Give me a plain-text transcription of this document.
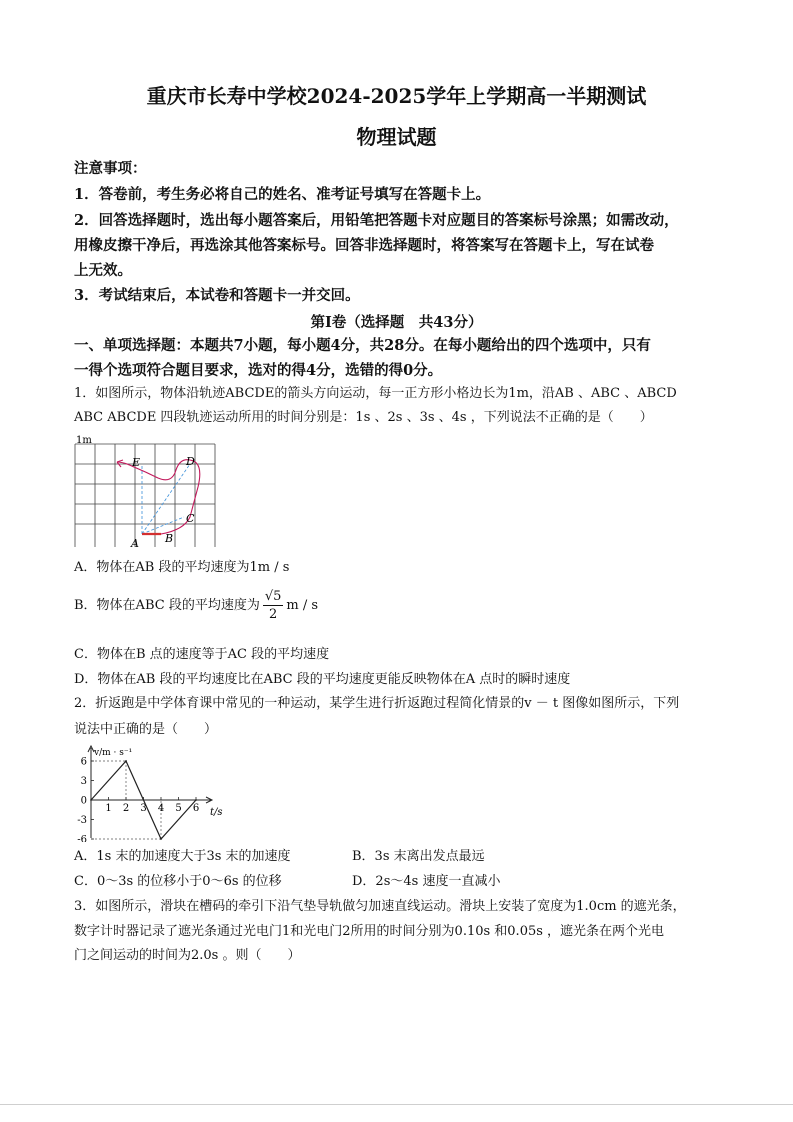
重庆市长寿中学校2024-2025学年上学期高一半期测试
物理试题
注意事项：
1．答卷前，考生务必将自己的姓名、准考证号填写在答题卡上。
2．回答选择题时，选出每小题答案后，用铅笔把答题卡对应题目的答案标号涂黑；如需改动，
用橡皮擦干净后，再选涂其他答案标号。回答非选择题时，将答案写在答题卡上，写在试卷
上无效。
3．考试结束后，本试卷和答题卡一并交回。
第I卷（选择题　共43分）
一、单项选择题：本题共7小题，每小题4分，共28分。在每小题给出的四个选项中，只有
一得个选项符合题目要求，选对的得4分，选错的得0分。
1．如图所示，物体沿轨迹ABCDE的箭头方向运动，每一正方形小格边长为1m，沿AB 、ABC 、ABCD
ABC ABCDE 四段轨迹运动所用的时间分别是：1s 、2s 、3s 、4s ，下列说法不正确的是（　　）
1m
A B
C
D
E
A．物体在AB 段的平均速度为1m / s
B．物体在ABC 段的平均速度为 $\frac{√5}{2}$ m / s
C．物体在B 点的速度等于AC 段的平均速度
D．物体在AB 段的平均速度比在ABC 段的平均速度更能反映物体在A 点时的瞬时速度
2．折返跑是中学体育课中常见的一种运动，某学生进行折返跑过程简化情景的v － t 图像如图所示，下列
说法中正确的是（　　）
v/m · s⁻¹
t/s
6
3
0
-3
-6
1 2 3 4 5 6
A．1s 末的加速度大于3s 末的加速度	B．3s 末离出发点最远
C．0～3s 的位移小于0～6s 的位移	D．2s～4s 速度一直减小
3．如图所示，滑块在槽码的牵引下沿气垫导轨做匀加速直线运动。滑块上安装了宽度为1.0cm 的遮光条，
数字计时器记录了遮光条通过光电门1和光电门2所用的时间分别为0.10s 和0.05s ，遮光条在两个光电
门之间运动的时间为2.0s 。则（　　）
